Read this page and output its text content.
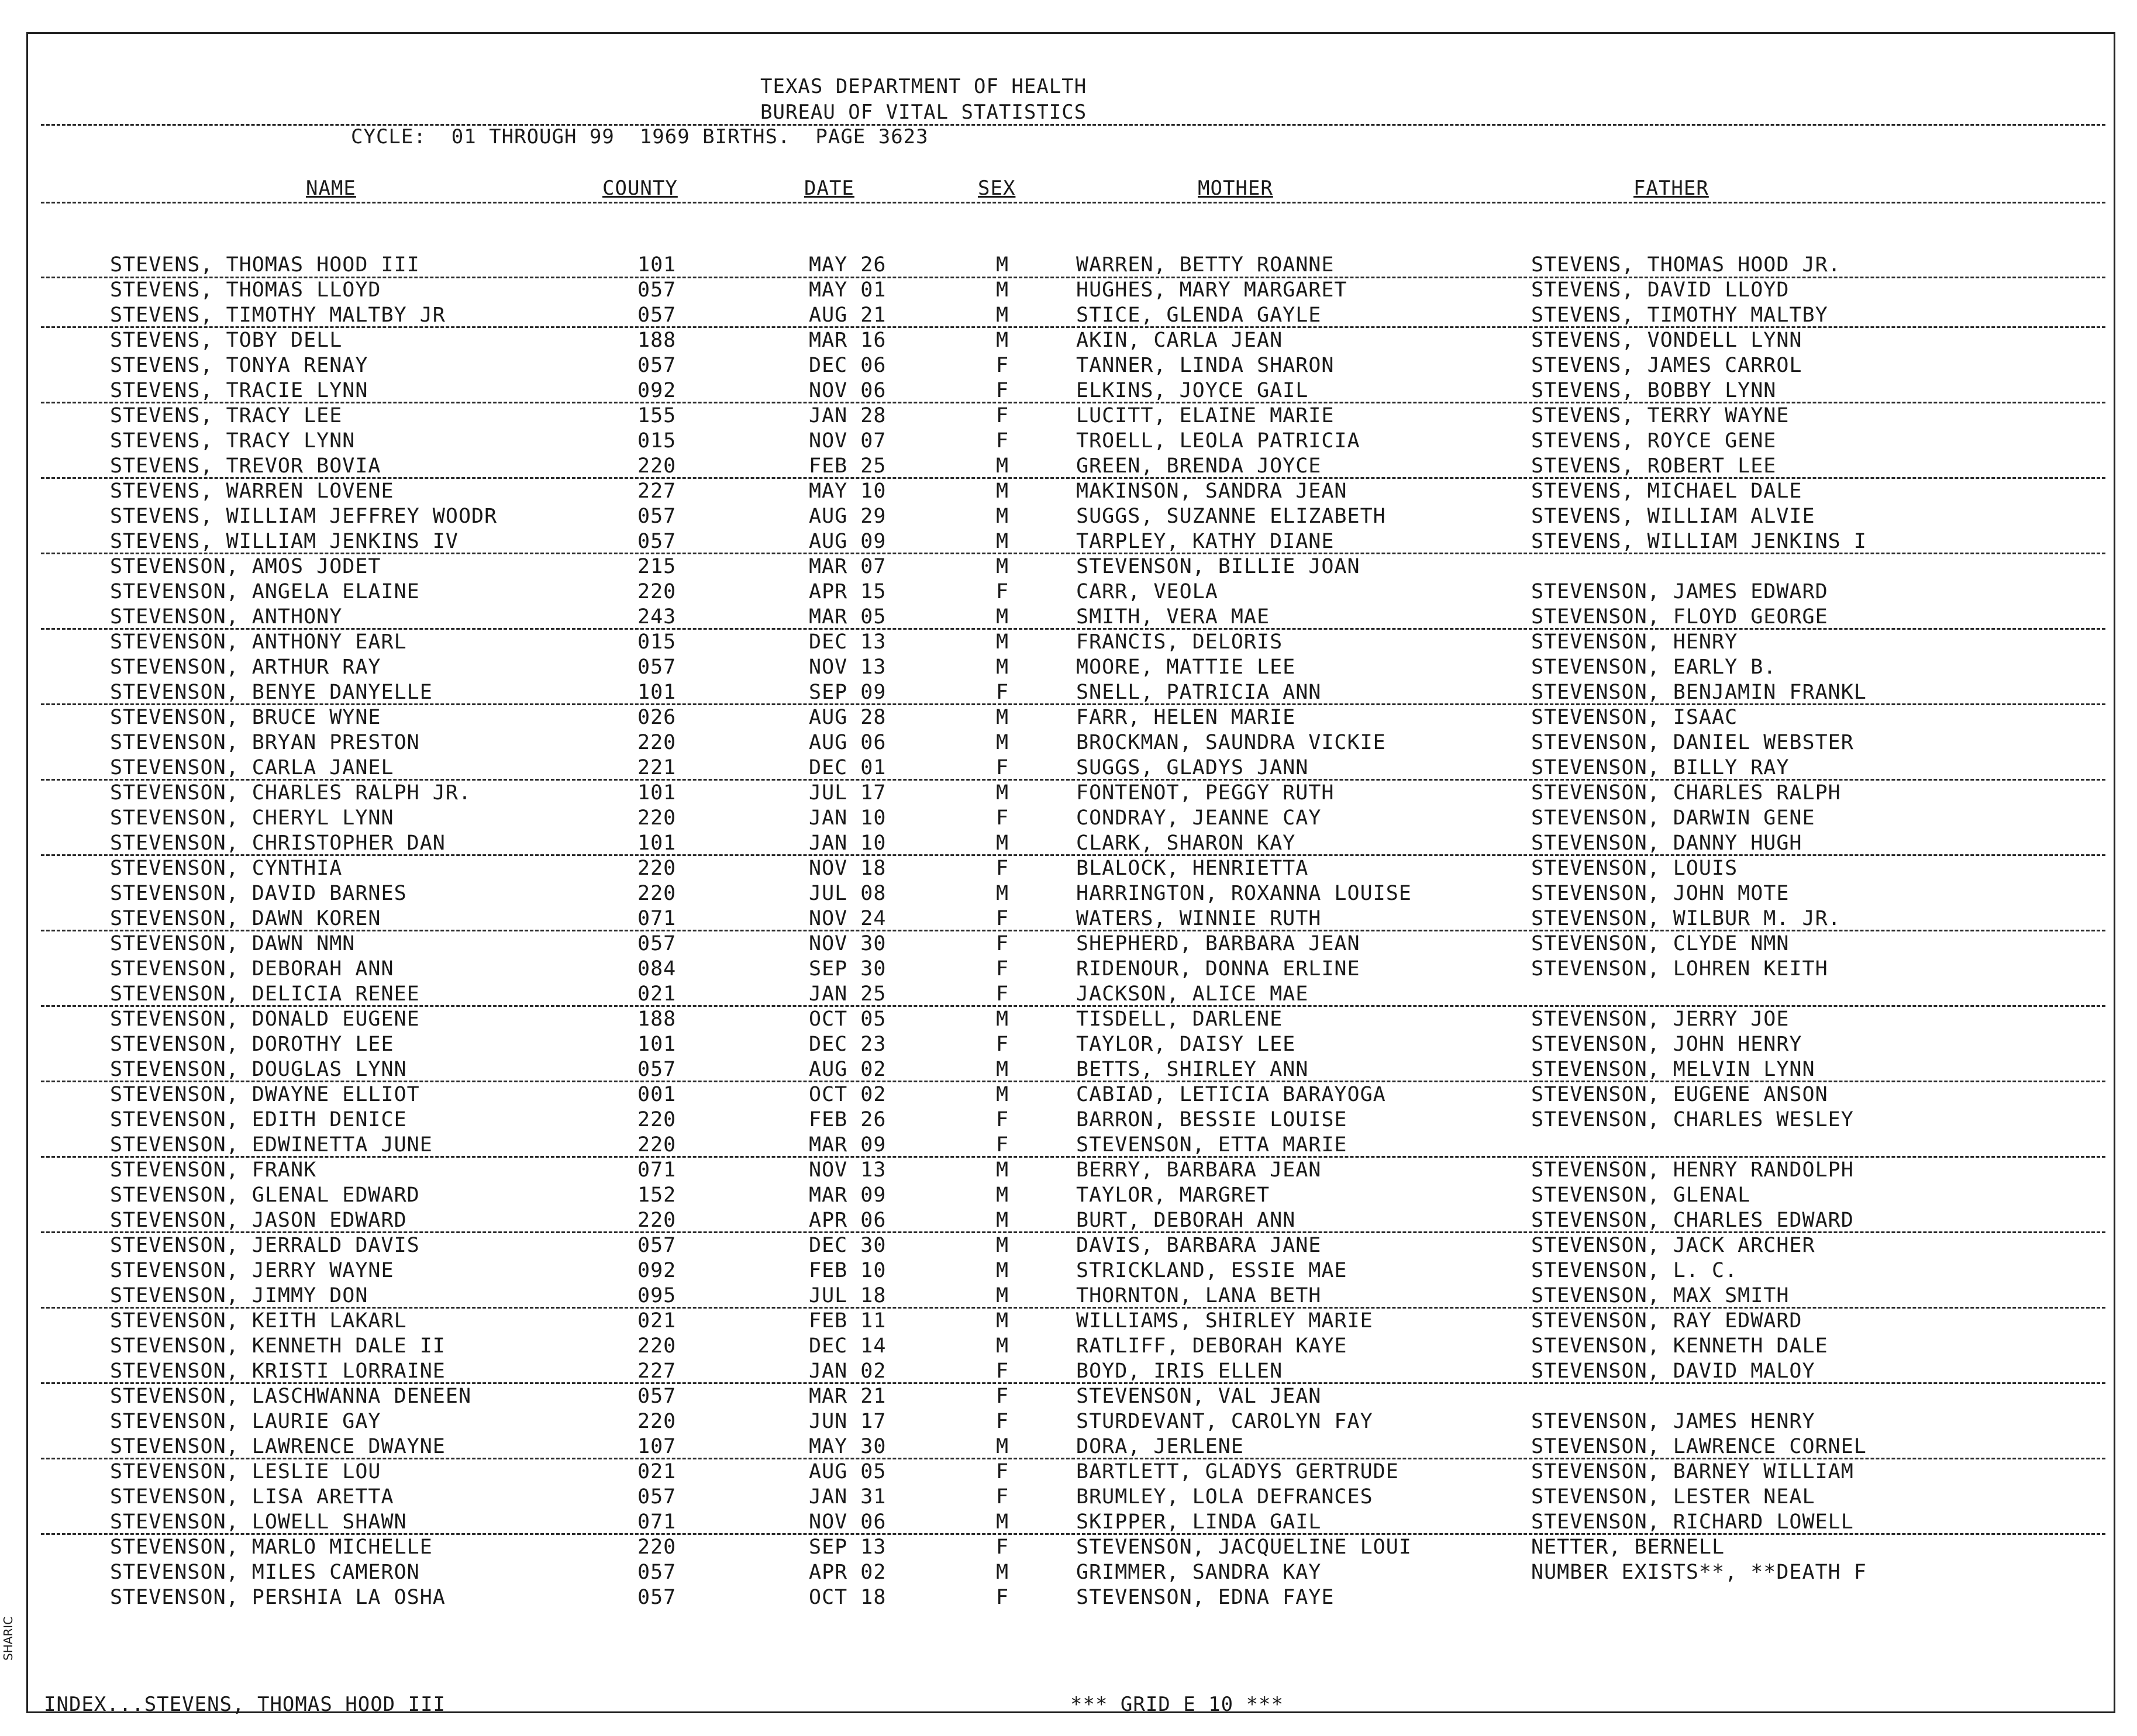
TEXAS DEPARTMENT OF HEALTH
BUREAU OF VITAL STATISTICS
CYCLE:  01 THROUGH 99  1969 BIRTHS.  PAGE 3623
NAME	COUNTY	DATE	SEX	MOTHER	FATHER
STEVENS, THOMAS HOOD III	101	MAY 26	M	WARREN, BETTY ROANNE	STEVENS, THOMAS HOOD JR.
STEVENS, THOMAS LLOYD	057	MAY 01	M	HUGHES, MARY MARGARET	STEVENS, DAVID LLOYD
STEVENS, TIMOTHY MALTBY JR	057	AUG 21	M	STICE, GLENDA GAYLE	STEVENS, TIMOTHY MALTBY
STEVENS, TOBY DELL	188	MAR 16	M	AKIN, CARLA JEAN	STEVENS, VONDELL LYNN
STEVENS, TONYA RENAY	057	DEC 06	F	TANNER, LINDA SHARON	STEVENS, JAMES CARROL
STEVENS, TRACIE LYNN	092	NOV 06	F	ELKINS, JOYCE GAIL	STEVENS, BOBBY LYNN
STEVENS, TRACY LEE	155	JAN 28	F	LUCITT, ELAINE MARIE	STEVENS, TERRY WAYNE
STEVENS, TRACY LYNN	015	NOV 07	F	TROELL, LEOLA PATRICIA	STEVENS, ROYCE GENE
STEVENS, TREVOR BOVIA	220	FEB 25	M	GREEN, BRENDA JOYCE	STEVENS, ROBERT LEE
STEVENS, WARREN LOVENE	227	MAY 10	M	MAKINSON, SANDRA JEAN	STEVENS, MICHAEL DALE
STEVENS, WILLIAM JEFFREY WOODR	057	AUG 29	M	SUGGS, SUZANNE ELIZABETH	STEVENS, WILLIAM ALVIE
STEVENS, WILLIAM JENKINS IV	057	AUG 09	M	TARPLEY, KATHY DIANE	STEVENS, WILLIAM JENKINS I
STEVENSON, AMOS JODET	215	MAR 07	M	STEVENSON, BILLIE JOAN
STEVENSON, ANGELA ELAINE	220	APR 15	F	CARR, VEOLA	STEVENSON, JAMES EDWARD
STEVENSON, ANTHONY	243	MAR 05	M	SMITH, VERA MAE	STEVENSON, FLOYD GEORGE
STEVENSON, ANTHONY EARL	015	DEC 13	M	FRANCIS, DELORIS	STEVENSON, HENRY
STEVENSON, ARTHUR RAY	057	NOV 13	M	MOORE, MATTIE LEE	STEVENSON, EARLY B.
STEVENSON, BENYE DANYELLE	101	SEP 09	F	SNELL, PATRICIA ANN	STEVENSON, BENJAMIN FRANKL
STEVENSON, BRUCE WYNE	026	AUG 28	M	FARR, HELEN MARIE	STEVENSON, ISAAC
STEVENSON, BRYAN PRESTON	220	AUG 06	M	BROCKMAN, SAUNDRA VICKIE	STEVENSON, DANIEL WEBSTER
STEVENSON, CARLA JANEL	221	DEC 01	F	SUGGS, GLADYS JANN	STEVENSON, BILLY RAY
STEVENSON, CHARLES RALPH JR.	101	JUL 17	M	FONTENOT, PEGGY RUTH	STEVENSON, CHARLES RALPH
STEVENSON, CHERYL LYNN	220	JAN 10	F	CONDRAY, JEANNE CAY	STEVENSON, DARWIN GENE
STEVENSON, CHRISTOPHER DAN	101	JAN 10	M	CLARK, SHARON KAY	STEVENSON, DANNY HUGH
STEVENSON, CYNTHIA	220	NOV 18	F	BLALOCK, HENRIETTA	STEVENSON, LOUIS
STEVENSON, DAVID BARNES	220	JUL 08	M	HARRINGTON, ROXANNA LOUISE	STEVENSON, JOHN MOTE
STEVENSON, DAWN KOREN	071	NOV 24	F	WATERS, WINNIE RUTH	STEVENSON, WILBUR M. JR.
STEVENSON, DAWN NMN	057	NOV 30	F	SHEPHERD, BARBARA JEAN	STEVENSON, CLYDE NMN
STEVENSON, DEBORAH ANN	084	SEP 30	F	RIDENOUR, DONNA ERLINE	STEVENSON, LOHREN KEITH
STEVENSON, DELICIA RENEE	021	JAN 25	F	JACKSON, ALICE MAE
STEVENSON, DONALD EUGENE	188	OCT 05	M	TISDELL, DARLENE	STEVENSON, JERRY JOE
STEVENSON, DOROTHY LEE	101	DEC 23	F	TAYLOR, DAISY LEE	STEVENSON, JOHN HENRY
STEVENSON, DOUGLAS LYNN	057	AUG 02	M	BETTS, SHIRLEY ANN	STEVENSON, MELVIN LYNN
STEVENSON, DWAYNE ELLIOT	001	OCT 02	M	CABIAD, LETICIA BARAYOGA	STEVENSON, EUGENE ANSON
STEVENSON, EDITH DENICE	220	FEB 26	F	BARRON, BESSIE LOUISE	STEVENSON, CHARLES WESLEY
STEVENSON, EDWINETTA JUNE	220	MAR 09	F	STEVENSON, ETTA MARIE
STEVENSON, FRANK	071	NOV 13	M	BERRY, BARBARA JEAN	STEVENSON, HENRY RANDOLPH
STEVENSON, GLENAL EDWARD	152	MAR 09	M	TAYLOR, MARGRET	STEVENSON, GLENAL
STEVENSON, JASON EDWARD	220	APR 06	M	BURT, DEBORAH ANN	STEVENSON, CHARLES EDWARD
STEVENSON, JERRALD DAVIS	057	DEC 30	M	DAVIS, BARBARA JANE	STEVENSON, JACK ARCHER
STEVENSON, JERRY WAYNE	092	FEB 10	M	STRICKLAND, ESSIE MAE	STEVENSON, L. C.
STEVENSON, JIMMY DON	095	JUL 18	M	THORNTON, LANA BETH	STEVENSON, MAX SMITH
STEVENSON, KEITH LAKARL	021	FEB 11	M	WILLIAMS, SHIRLEY MARIE	STEVENSON, RAY EDWARD
STEVENSON, KENNETH DALE II	220	DEC 14	M	RATLIFF, DEBORAH KAYE	STEVENSON, KENNETH DALE
STEVENSON, KRISTI LORRAINE	227	JAN 02	F	BOYD, IRIS ELLEN	STEVENSON, DAVID MALOY
STEVENSON, LASCHWANNA DENEEN	057	MAR 21	F	STEVENSON, VAL JEAN
STEVENSON, LAURIE GAY	220	JUN 17	F	STURDEVANT, CAROLYN FAY	STEVENSON, JAMES HENRY
STEVENSON, LAWRENCE DWAYNE	107	MAY 30	M	DORA, JERLENE	STEVENSON, LAWRENCE CORNEL
STEVENSON, LESLIE LOU	021	AUG 05	F	BARTLETT, GLADYS GERTRUDE	STEVENSON, BARNEY WILLIAM
STEVENSON, LISA ARETTA	057	JAN 31	F	BRUMLEY, LOLA DEFRANCES	STEVENSON, LESTER NEAL
STEVENSON, LOWELL SHAWN	071	NOV 06	M	SKIPPER, LINDA GAIL	STEVENSON, RICHARD LOWELL
STEVENSON, MARLO MICHELLE	220	SEP 13	F	STEVENSON, JACQUELINE LOUI	NETTER, BERNELL
STEVENSON, MILES CAMERON	057	APR 02	M	GRIMMER, SANDRA KAY	NUMBER EXISTS**, **DEATH F
STEVENSON, PERSHIA LA OSHA	057	OCT 18	F	STEVENSON, EDNA FAYE
INDEX...STEVENS, THOMAS HOOD III	*** GRID E 10 ***
SHARIC
